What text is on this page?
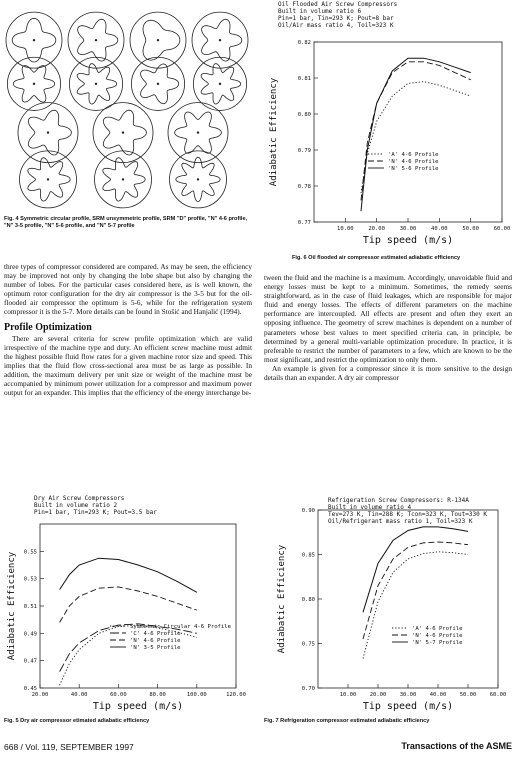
Fig. 4 Symmetric circular profile, SRM unsymmetric profile, SRM "D" profile, "N" 4-6 profile, "N" 3-5 profile, "N" 5-6 profile, and "N" 5-7 profile
Oil Flooded Air Screw Compressors
Built in volume ratio 6
Pin=1 bar, Tin=293 K; Pout=8 bar
Oil/Air mass ratio 4, Toil=323 K
10.00	20.00	30.00	40.00	50.00	60.00
0.77
0.78
0.79
0.80
0.81
0.82
Tip speed (m/s)
Adiabatic Efficiency	'A' 4-6 Profile
'N' 4-6 Profile
'N' 5-6 Profile
Fig. 6 Oil flooded air compressor estimated adiabatic efficiency

three types of compressor considered are compared. As may be seen, the efficiency may be improved not only by changing the lobe shape but also by changing the number of lobes. For the particular cases considered here, as is well known, the optimum rotor configuration for the dry air compressor is the 3-5 but for the oil-flooded air compressor the optimum is 5-6, while for the refrigeration system compressor it is the 5-7. More details can be found in Stošić and Hanjalić (1994).

Profile Optimization

There are several criteria for screw profile optimization which are valid irrespective of the machine type and duty. An efficient screw machine must admit the highest possible fluid flow rates for a given machine rotor size and speed. This implies that the fluid flow cross-sectional area must be as large as possible. In addition, the maximum delivery per unit size or weight of the machine must be accompanied by minimum power utilization for a compressor and maximum power output for an expander. This implies that the efficiency of the energy interchange be-

tween the fluid and the machine is a maximum. Accordingly, unavoidable fluid and energy losses must be kept to a minimum. Sometimes, the remedy seems straightforward, as in the case of fluid leakages, which are responsible for major fluid and energy losses. The effects of different parameters on the machine performance are intercoupled. All effects are present and often they exert an opposing influence. The geometry of screw machines is dependent on a number of parameters whose best values to meet specified criteria can, in principle, be determined by a general multi-variable optimization procedure. In practice, it is preferable to restrict the number of parameters to a few, which are known to be the most significant, and restrict the optimization to only them.

An example is given for a compressor since it is more sensitive to the design details than an expander. A dry air compressor

Dry Air Screw Compressors
Built in volume ratio 2
Pin=1 bar, Tin=293 K; Pout=3.5 bar
20.00	40.00	60.00	80.00	100.00	120.00
0.45
0.47
0.49
0.51
0.53
0.55
Tip speed (m/s)
Adiabatic Efficiency	Symmetric Circular 4-6 Profile
'C' 4-6 Profile
'N' 4-6 Profile
'N' 3-5 Profile
Fig. 5 Dry air compressor etimated adiabatic efficiency
Refrigeration Screw Compressors: R-134A
Built in volume ratio 4
Tev=273 K, Tin=288 K; Tcon=323 K, Tout=330 K
Oil/Refrigerant mass ratio 1, Toil=323 K
10.00 20.00 30.00 40.00 50.00 60.00
0.70
0.75
0.80
0.85
0.90
Tip speed (m/s)
Adiabatic Efficiency	'A' 4-6 Profile
'N' 4-6 Profile
'N' 5-7 Profile
Fig. 7 Refrigeration compressor estimated adiabatic efficiency
668 / Vol. 119, SEPTEMBER 1997	Transactions of the ASME
